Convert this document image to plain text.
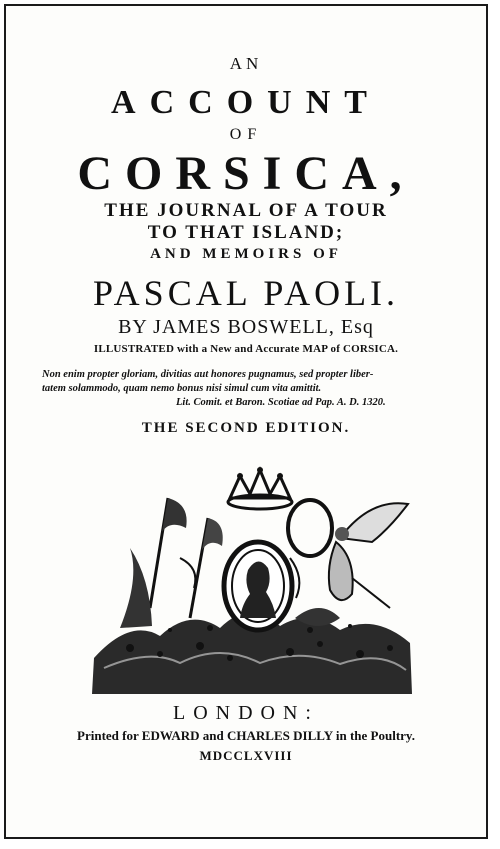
AN
ACCOUNT
OF
CORSICA,
THE JOURNAL OF A TOUR
TO THAT ISLAND;
AND MEMOIRS OF
PASCAL PAOLI.
BY JAMES BOSWELL, Esq
ILLUSTRATED with a New and Accurate MAP of CORSICA.
Non enim propter gloriam, divitias aut honores pugnamus, sed propter liber-
tatem solammodo, quam nemo bonus nisi simul cum vita amittit.
Lit. Comit. et Baron. Scotiae ad Pap. A. D. 1320.
THE SECOND EDITION.
LONDON:
Printed for EDWARD and CHARLES DILLY in the Poultry.
MDCCLXVIII
